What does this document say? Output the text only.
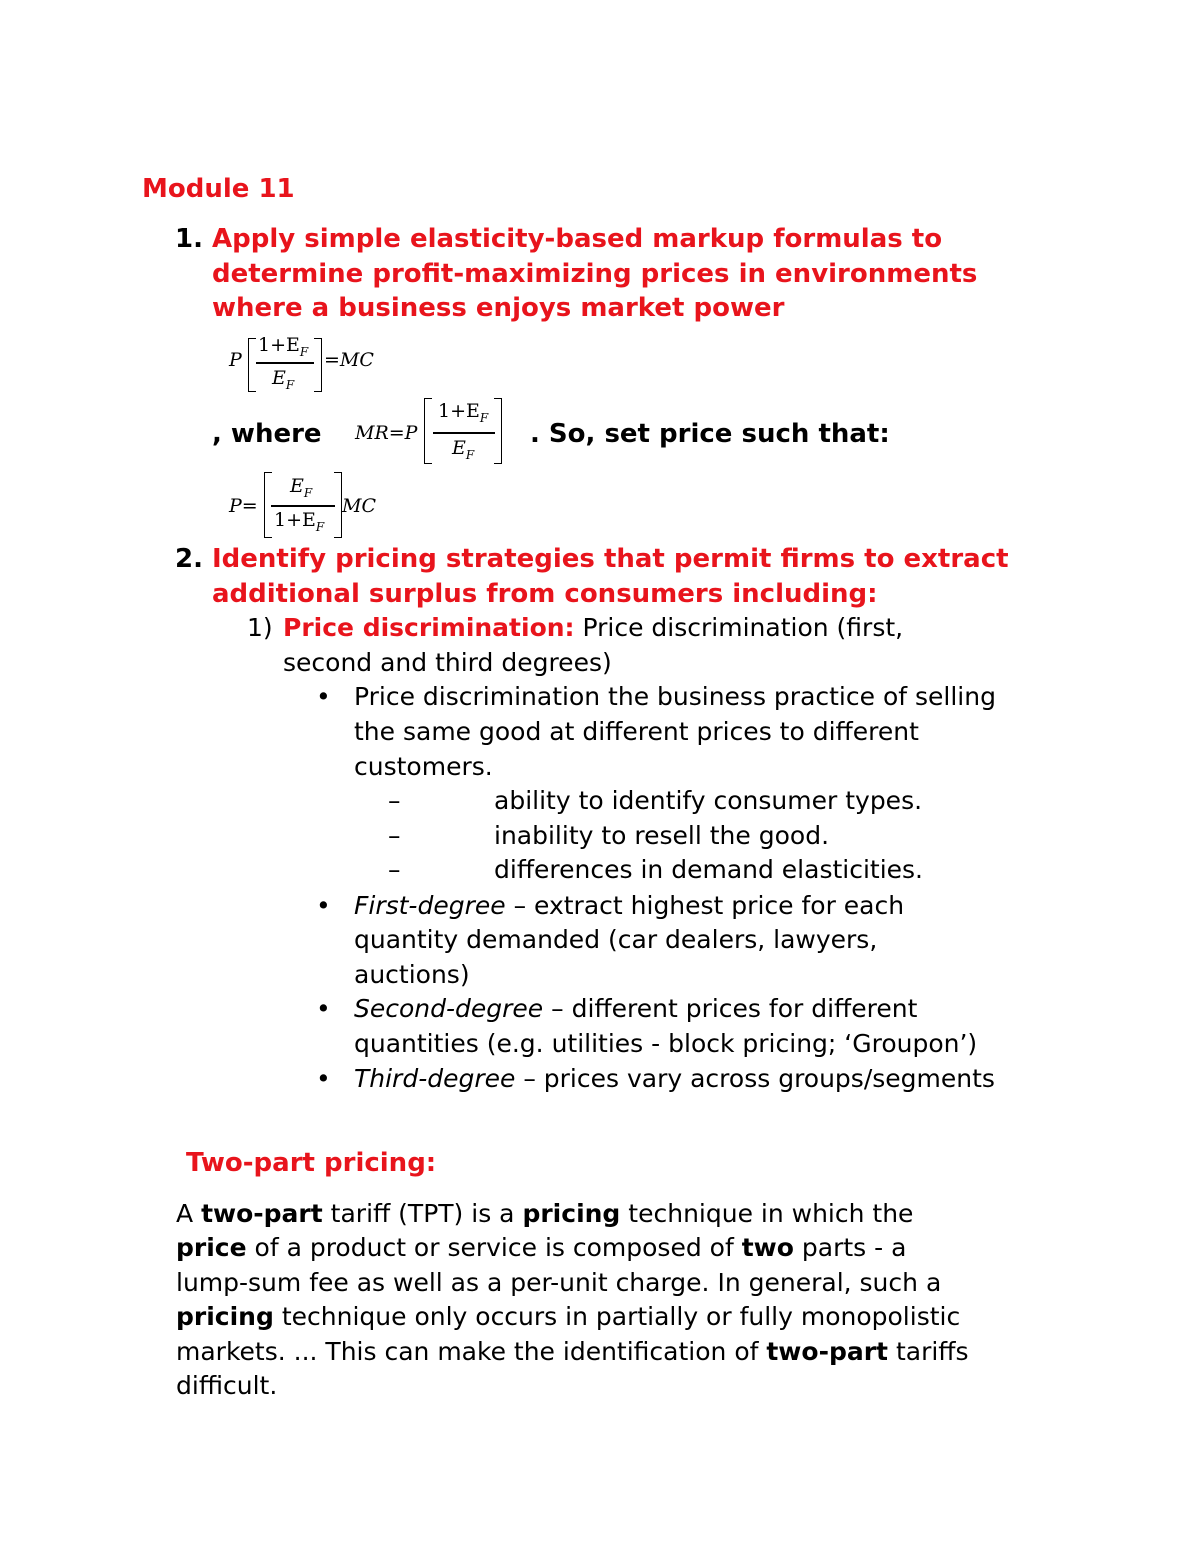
Module 11
1. Apply simple elasticity-based markup formulas to
determine profit-maximizing prices in environments
where a business enjoys market power
P
$1+E_F$
$E_F$
=MC
, where MR=P
$1+E_F$
$E_F$
. So, set price such that:
P=
$E_F$
$1+E_F$
MC
2. Identify pricing strategies that permit firms to extract
additional surplus from consumers including:
1) Price discrimination: Price discrimination (first,
second and third degrees)
• Price discrimination the business practice of selling
the same good at different prices to different
customers.
–	ability to identify consumer types.
–	inability to resell the good.
–	differences in demand elasticities.
• First-degree – extract highest price for each
quantity demanded (car dealers, lawyers,
auctions)
• Second-degree – different prices for different
quantities (e.g. utilities - block pricing; ‘Groupon’)
• Third-degree – prices vary across groups/segments
Two-part pricing:
A two-part tariff (TPT) is a pricing technique in which the
price of a product or service is composed of two parts - a
lump-sum fee as well as a per-unit charge. In general, such a
pricing technique only occurs in partially or fully monopolistic
markets. ... This can make the identification of two-part tariffs
difficult.
